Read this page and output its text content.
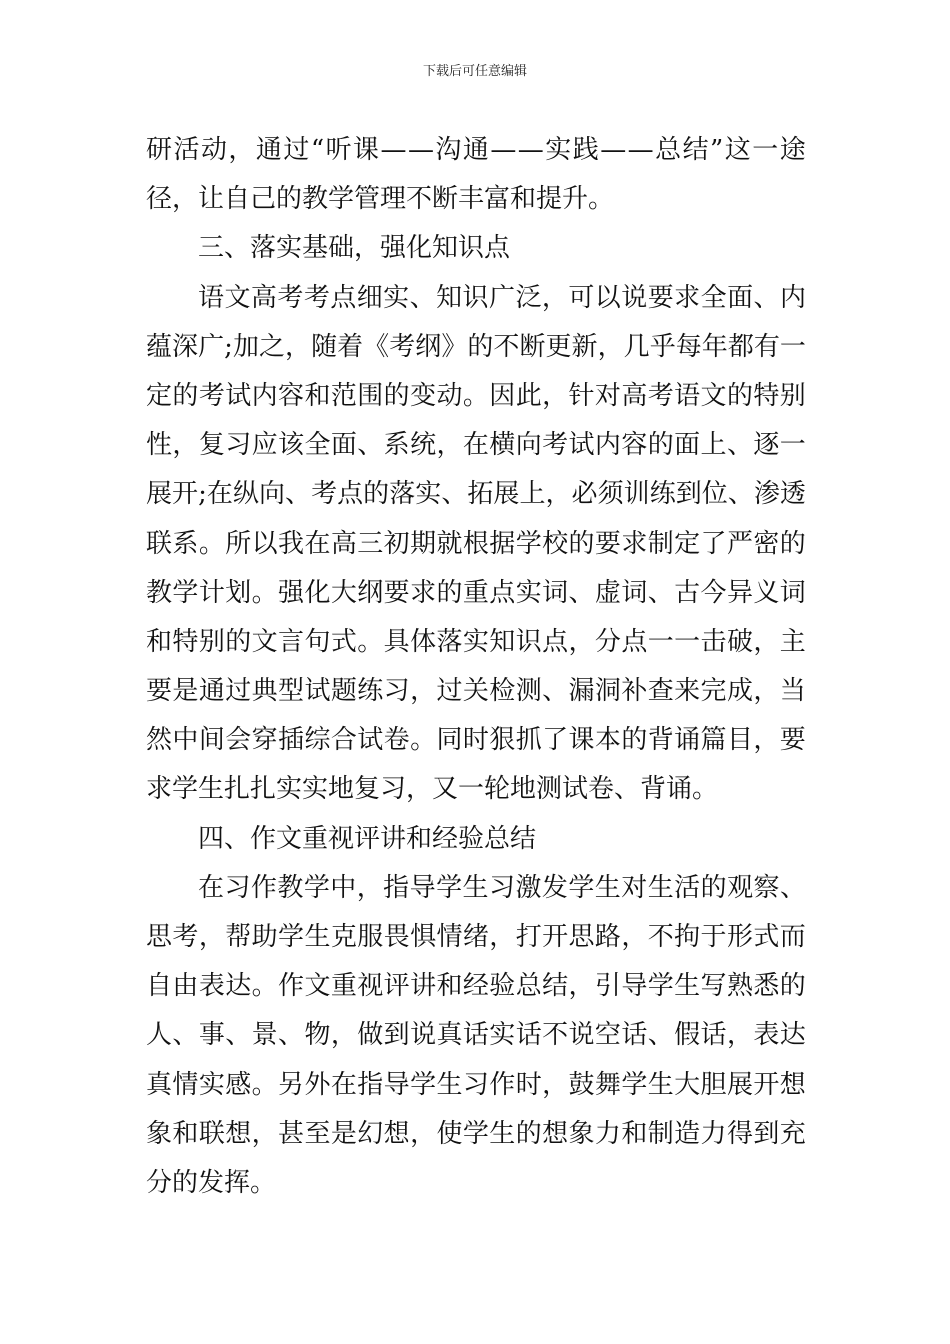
下载后可任意编辑
研 活 动 ， 通 过 “ 听 课 — — 沟 通 — — 实 践 — — 总 结 ” 这 一 途
径，让自己的教学管理不断丰富和提升。
三、落实基础，强化知识点
语 文 高 考 考 点 细 实 、 知 识 广 泛 ， 可 以 说 要 求 全 面 、 内
蕴 深 广 ; 加 之 ， 随 着 《 考 纲 》 的 不 断 更 新 ， 几 乎 每 年 都 有 一
定 的 考 试 内 容 和 范 围 的 变 动 。 因 此 ， 针 对 高 考 语 文 的 特 别
性 ， 复 习 应 该 全 面 、 系 统 ， 在 横 向 考 试 内 容 的 面 上 、 逐 一
展 开 ; 在 纵 向 、 考 点 的 落 实 、 拓 展 上 ， 必 须 训 练 到 位 、 渗 透
联 系 。 所 以 我 在 高 三 初 期 就 根 据 学 校 的 要 求 制 定 了 严 密 的
教 学 计 划 。 强 化 大 纲 要 求 的 重 点 实 词 、 虚 词 、 古 今 异 义 词
和 特 别 的 文 言 句 式 。 具 体 落 实 知 识 点 ， 分 点 一 一 击 破 ， 主
要 是 通 过 典 型 试 题 练 习 ， 过 关 检 测 、 漏 洞 补 查 来 完 成 ， 当
然 中 间 会 穿 插 综 合 试 卷 。 同 时 狠 抓 了 课 本 的 背 诵 篇 目 ， 要
求学生扎扎实实地复习，又一轮地测试卷、背诵。
四、作文重视评讲和经验总结
在 习 作 教 学 中 ， 指 导 学 生 习 激 发 学 生 对 生 活 的 观 察 、
思 考 ， 帮 助 学 生 克 服 畏 惧 情 绪 ， 打 开 思 路 ， 不 拘 于 形 式 而
自 由 表 达 。 作 文 重 视 评 讲 和 经 验 总 结 ， 引 导 学 生 写 熟 悉 的
人 、 事 、 景 、 物 ， 做 到 说 真 话 实 话 不 说 空 话 、 假 话 ， 表 达
真 情 实 感 。 另 外 在 指 导 学 生 习 作 时 ， 鼓 舞 学 生 大 胆 展 开 想
象 和 联 想 ， 甚 至 是 幻 想 ， 使 学 生 的 想 象 力 和 制 造 力 得 到 充
分的发挥。
